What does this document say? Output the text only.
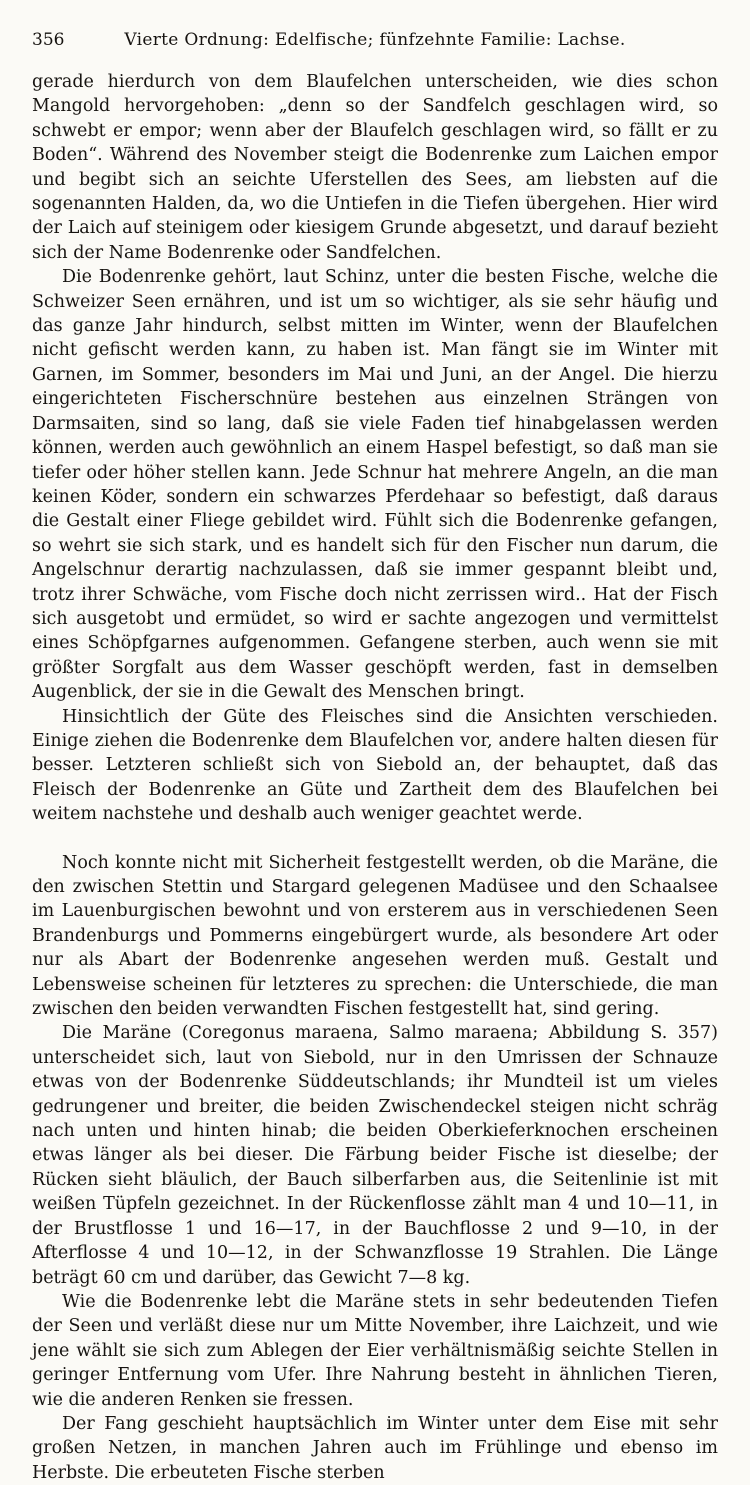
356	Vierte Ordnung: Edelfische; fünfzehnte Familie: Lachse.

gerade hierdurch von dem Blaufelchen unterscheiden, wie dies schon Mangold hervorgehoben: „denn so der Sandfelch geschlagen wird, so schwebt er empor; wenn aber der Blaufelch geschlagen wird, so fällt er zu Boden“. Während des November steigt die Bodenrenke zum Laichen empor und begibt sich an seichte Uferstellen des Sees, am liebsten auf die sogenannten Halden, da, wo die Untiefen in die Tiefen übergehen. Hier wird der Laich auf steinigem oder kiesigem Grunde abgesetzt, und darauf bezieht sich der Name Bodenrenke oder Sandfelchen.

Die Bodenrenke gehört, laut Schinz, unter die besten Fische, welche die Schweizer Seen ernähren, und ist um so wichtiger, als sie sehr häufig und das ganze Jahr hindurch, selbst mitten im Winter, wenn der Blaufelchen nicht gefischt werden kann, zu haben ist. Man fängt sie im Winter mit Garnen, im Sommer, besonders im Mai und Juni, an der Angel. Die hierzu eingerichteten Fischerschnüre bestehen aus einzelnen Strängen von Darmsaiten, sind so lang, daß sie viele Faden tief hinabgelassen werden können, werden auch gewöhnlich an einem Haspel befestigt, so daß man sie tiefer oder höher stellen kann. Jede Schnur hat mehrere Angeln, an die man keinen Köder, sondern ein schwarzes Pferdehaar so befestigt, daß daraus die Gestalt einer Fliege gebildet wird. Fühlt sich die Bodenrenke gefangen, so wehrt sie sich stark, und es handelt sich für den Fischer nun darum, die Angelschnur derartig nachzulassen, daß sie immer gespannt bleibt und, trotz ihrer Schwäche, vom Fische doch nicht zerrissen wird.. Hat der Fisch sich ausgetobt und ermüdet, so wird er sachte angezogen und vermittelst eines Schöpfgarnes aufgenommen. Gefangene sterben, auch wenn sie mit größter Sorgfalt aus dem Wasser geschöpft werden, fast in demselben Augenblick, der sie in die Gewalt des Menschen bringt.

Hinsichtlich der Güte des Fleisches sind die Ansichten verschieden. Einige ziehen die Bodenrenke dem Blaufelchen vor, andere halten diesen für besser. Letzteren schließt sich von Siebold an, der behauptet, daß das Fleisch der Bodenrenke an Güte und Zartheit dem des Blaufelchen bei weitem nachstehe und deshalb auch weniger geachtet werde.

Noch konnte nicht mit Sicherheit festgestellt werden, ob die Maräne, die den zwischen Stettin und Stargard gelegenen Madüsee und den Schaalsee im Lauenburgischen bewohnt und von ersterem aus in verschiedenen Seen Brandenburgs und Pommerns eingebürgert wurde, als besondere Art oder nur als Abart der Bodenrenke angesehen werden muß. Gestalt und Lebensweise scheinen für letzteres zu sprechen: die Unterschiede, die man zwischen den beiden verwandten Fischen festgestellt hat, sind gering.

Die Maräne (Coregonus maraena, Salmo maraena; Abbildung S. 357) unterscheidet sich, laut von Siebold, nur in den Umrissen der Schnauze etwas von der Bodenrenke Süddeutschlands; ihr Mundteil ist um vieles gedrungener und breiter, die beiden Zwischendeckel steigen nicht schräg nach unten und hinten hinab; die beiden Oberkieferknochen erscheinen etwas länger als bei dieser. Die Färbung beider Fische ist dieselbe; der Rücken sieht bläulich, der Bauch silberfarben aus, die Seitenlinie ist mit weißen Tüpfeln gezeichnet. In der Rückenflosse zählt man 4 und 10—11, in der Brustflosse 1 und 16—17, in der Bauchflosse 2 und 9—10, in der Afterflosse 4 und 10—12, in der Schwanzflosse 19 Strahlen. Die Länge beträgt 60 cm und darüber, das Gewicht 7—8 kg.

Wie die Bodenrenke lebt die Maräne stets in sehr bedeutenden Tiefen der Seen und verläßt diese nur um Mitte November, ihre Laichzeit, und wie jene wählt sie sich zum Ablegen der Eier verhältnismäßig seichte Stellen in geringer Entfernung vom Ufer. Ihre Nahrung besteht in ähnlichen Tieren, wie die anderen Renken sie fressen.

Der Fang geschieht hauptsächlich im Winter unter dem Eise mit sehr großen Netzen, in manchen Jahren auch im Frühlinge und ebenso im Herbste. Die erbeuteten Fische sterben
